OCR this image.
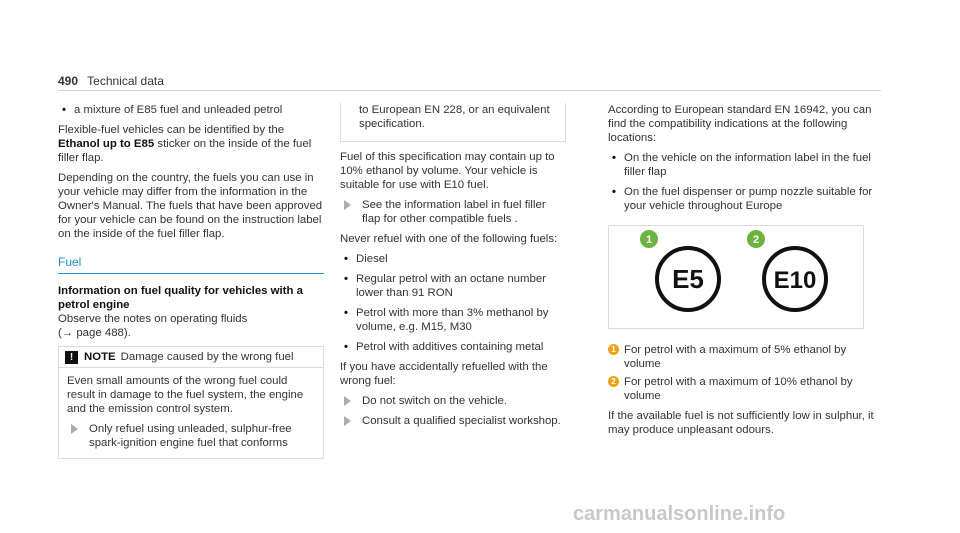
490 Technical data
• a mixture of E85 fuel and unleaded petrol

Flexible-fuel vehicles can be identified by the Ethanol up to E85 sticker on the inside of the fuel filler flap.

Depending on the country, the fuels you can use in your vehicle may differ from the information in the Owner's Manual. The fuels that have been approved for your vehicle can be found on the instruction label on the inside of the fuel filler flap.

Fuel
Information on fuel quality for vehicles with a petrol engine
Observe the notes on operating fluids

(→ page 488).

! NOTE Damage caused by the wrong fuel

Even small amounts of the wrong fuel could result in damage to the fuel system, the engine and the emission control system.

Only refuel using unleaded, sulphur-free spark-ignition engine fuel that conforms
to European EN 228, or an equivalent specification.

Fuel of this specification may contain up to 10% ethanol by volume. Your vehicle is suitable for use with E10 fuel.

See the information label in fuel filler flap for other compatible fuels .

Never refuel with one of the following fuels:

• Diesel
• Regular petrol with an octane number lower than 91 RON
• Petrol with more than 3% methanol by volume, e.g. M15, M30
• Petrol with additives containing metal

If you have accidentally refuelled with the wrong fuel:

Do not switch on the vehicle.
Consult a qualified specialist workshop.

According to European standard EN 16942, you can find the compatibility indications at the following locations:

• On the vehicle on the information label in the fuel filler flap
• On the fuel dispenser or pump nozzle suitable for your vehicle throughout Europe
1
E5
2
E10
1 For petrol with a maximum of 5% ethanol by volume
2 For petrol with a maximum of 10% ethanol by volume

If the available fuel is not sufficiently low in sulphur, it may produce unpleasant odours.

carmanualsonline.info
